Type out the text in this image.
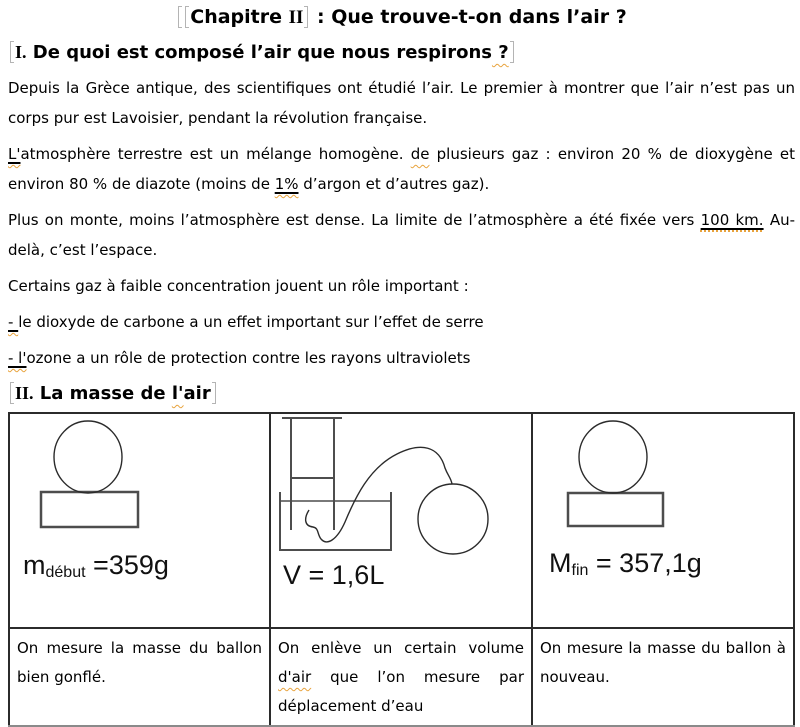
Chapitre II : Que trouve-t-on dans l’air ?
I. De quoi est composé l’air que nous respirons ?

Depuis la Grèce antique, des scientifiques ont étudié l’air. Le premier à montrer que l’air n’est pas un corps pur est Lavoisier, pendant la révolution française.

L'atmosphère terrestre est un mélange homogène. de plusieurs gaz : environ 20 % de dioxygène et environ 80 % de diazote (moins de 1% d’argon et d’autres gaz).

Plus on monte, moins l’atmosphère est dense. La limite de l’atmosphère a été fixée vers 100 km. Au-delà, c’est l’espace.

Certains gaz à faible concentration jouent un rôle important :

- le dioxyde de carbone a un effet important sur l’effet de serre

- l'ozone a un rôle de protection contre les rayons ultraviolets

II. La masse de l'air
mdébut =359g	V = 1,6L	Mfin = 357,1g

On mesure la masse du ballon bien gonflé.	On enlève un certain volume d'air que l’on mesure par déplacement d’eau	On mesure la masse du ballon à nouveau.
